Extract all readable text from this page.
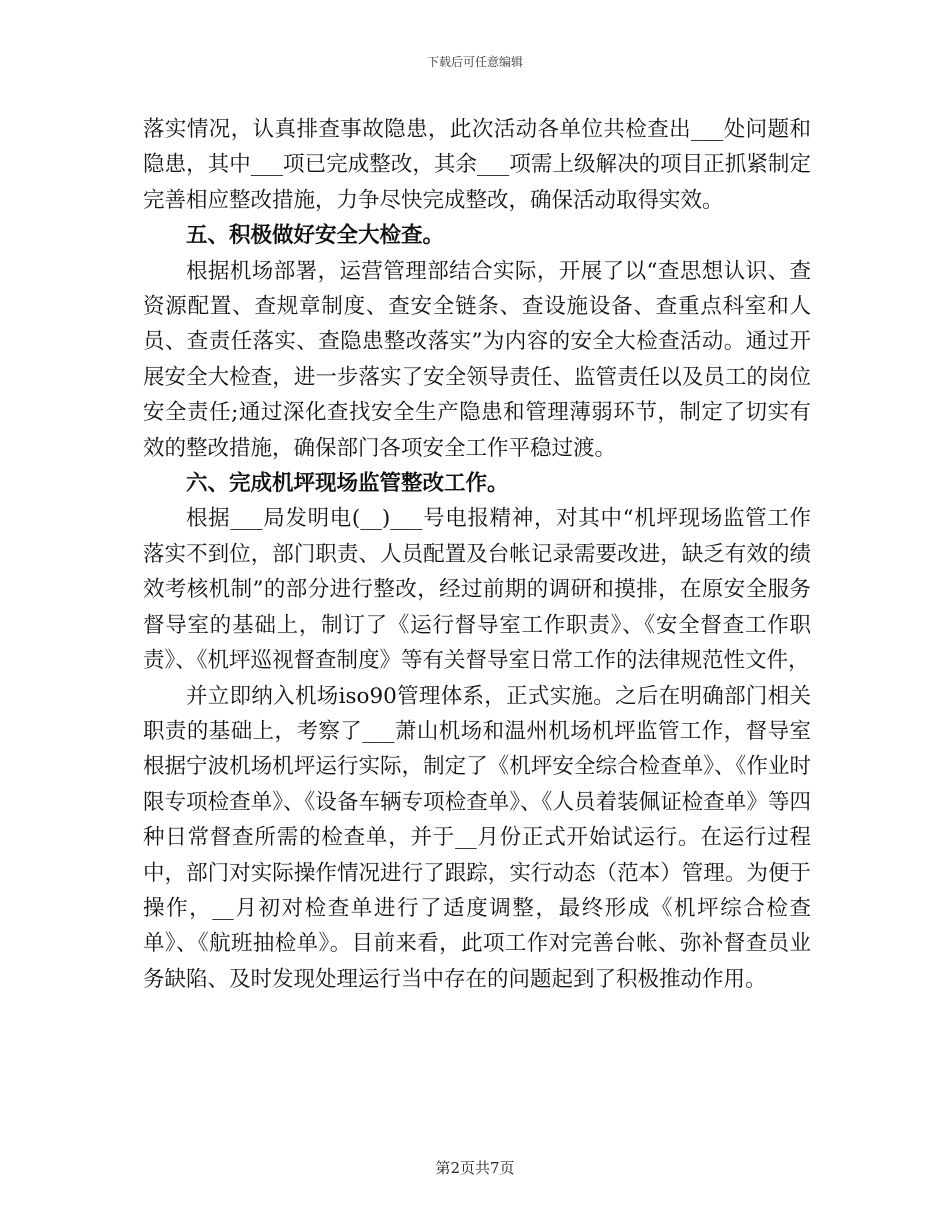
下载后可任意编辑

落实情况，认真排查事故隐患，此次活动各单位共检查出___处问题和隐患，其中___项已完成整改，其余___项需上级解决的项目正抓紧制定完善相应整改措施，力争尽快完成整改，确保活动取得实效。

五、积极做好安全大检查。

根据机场部署，运营管理部结合实际，开展了以“查思想认识、查资源配置、查规章制度、查安全链条、查设施设备、查重点科室和人员、查责任落实、查隐患整改落实”为内容的安全大检查活动。通过开展安全大检查，进一步落实了安全领导责任、监管责任以及员工的岗位安全责任;通过深化查找安全生产隐患和管理薄弱环节，制定了切实有效的整改措施，确保部门各项安全工作平稳过渡。

六、完成机坪现场监管整改工作。

根据___局发明电(__)___号电报精神，对其中“机坪现场监管工作落实不到位，部门职责、人员配置及台帐记录需要改进，缺乏有效的绩效考核机制”的部分进行整改，经过前期的调研和摸排，在原安全服务督导室的基础上，制订了《运行督导室工作职责》、《安全督查工作职责》、《机坪巡视督查制度》等有关督导室日常工作的法律规范性文件，

并立即纳入机场iso90管理体系，正式实施。之后在明确部门相关职责的基础上，考察了___萧山机场和温州机场机坪监管工作，督导室根据宁波机场机坪运行实际，制定了《机坪安全综合检查单》、《作业时限专项检查单》、《设备车辆专项检查单》、《人员着装佩证检查单》等四种日常督查所需的检查单，并于__月份正式开始试运行。在运行过程中，部门对实际操作情况进行了跟踪，实行动态（范本）管理。为便于操作，__月初对检查单进行了适度调整，最终形成《机坪综合检查单》、《航班抽检单》。目前来看，此项工作对完善台帐、弥补督查员业务缺陷、及时发现处理运行当中存在的问题起到了积极推动作用。

第2页共7页
